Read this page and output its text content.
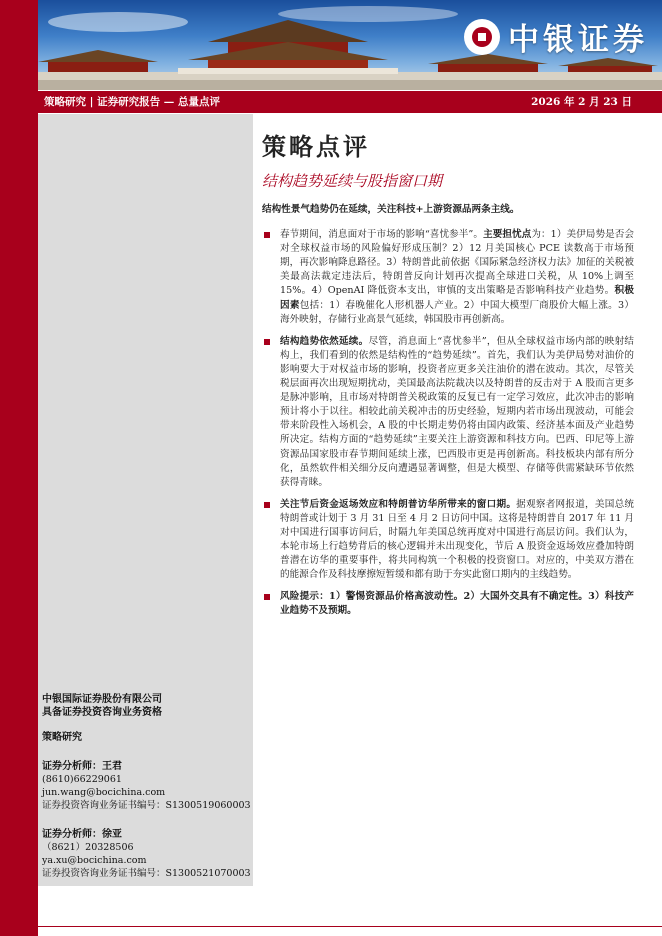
中银证券
策略研究 | 证券研究报告 — 总量点评	2026 年 2 月 23 日
中银国际证券股份有限公司
具备证券投资咨询业务资格
策略研究
证券分析师：王君
(8610)66229061
jun.wang@bocichina.com
证券投资咨询业务证书编号：S1300519060003
证券分析师：徐亚
（8621）20328506
ya.xu@bocichina.com
证券投资咨询业务证书编号：S1300521070003
策略点评
结构趋势延续与股指窗口期
结构性景气趋势仍在延续，关注科技+上游资源品两条主线。
春节期间，消息面对于市场的影响“喜忧参半”。主要担忧点为：1）美伊局势是否会对全球权益市场的风险偏好形成压制？2）12 月美国核心 PCE 读数高于市场预期，再次影响降息路径。3）特朗普此前依据《国际紧急经济权力法》加征的关税被美最高法裁定违法后，特朗普反向计划再次提高全球进口关税，从 10%上调至 15%。4）OpenAI 降低资本支出，审慎的支出策略是否影响科技产业趋势。积极因素包括：1）春晚催化人形机器人产业。2）中国大模型厂商股价大幅上涨。3）海外映射，存储行业高景气延续，韩国股市再创新高。
结构趋势依然延续。尽管，消息面上“喜忧参半”，但从全球权益市场内部的映射结构上，我们看到的依然是结构性的“趋势延续”。首先，我们认为美伊局势对油价的影响要大于对权益市场的影响，投资者应更多关注油价的潜在波动。其次，尽管关税层面再次出现短期扰动，美国最高法院裁决以及特朗普的反击对于 A 股而言更多是脉冲影响，且市场对特朗普关税政策的反复已有一定学习效应，此次冲击的影响预计将小于以往。相较此前关税冲击的历史经验，短期内若市场出现波动，可能会带来阶段性入场机会，A 股的中长期走势仍将由国内政策、经济基本面及产业趋势所决定。结构方面的“趋势延续”主要关注上游资源和科技方向。巴西、印尼等上游资源品国家股市春节期间延续上涨，巴西股市更是再创新高。科技板块内部有所分化，虽然软件相关细分反向遭遇显著调整，但是大模型、存储等供需紧缺环节依然获得青睐。
关注节后资金返场效应和特朗普访华所带来的窗口期。据观察者网报道，美国总统特朗普或计划于 3 月 31 日至 4 月 2 日访问中国。这将是特朗普自 2017 年 11 月对中国进行国事访问后，时隔九年美国总统再度对中国进行高层访问。我们认为，本轮市场上行趋势背后的核心逻辑并未出现变化，节后 A 股资金返场效应叠加特朗普潜在访华的重要事件，将共同构筑一个积极的投资窗口。对应的，中美双方潜在的能源合作及科技摩擦短暂缓和都有助于夯实此窗口期内的主线趋势。
风险提示：1）警惕资源品价格高波动性。2）大国外交具有不确定性。3）科技产业趋势不及预期。
